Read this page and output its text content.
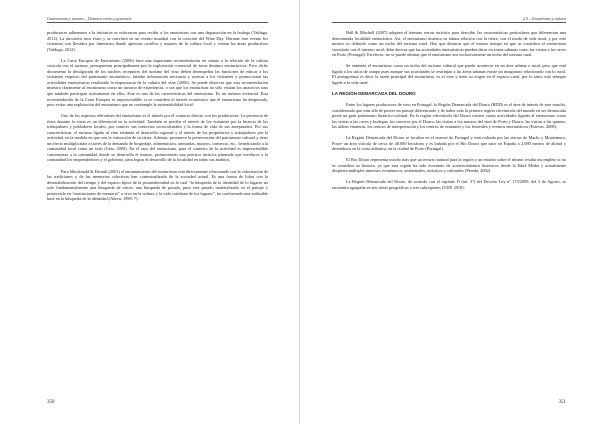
Gastronomía y turismo – Destinos rurais y gourmets

productores adherentes a la iniciativa se esforzaron para recibir a los enoturistas con una degustación en la bodega (Valduga, 2012). La iniciativa tuvo éxito y se convirtió en un evento mundial con la creación del Wine Day. Durante este evento los visitantes son llevados por itinerarios donde aprecian castillos y museos de la cultura local y visitan las áreas productivas (Valduga, 2012).

La Carta Europea de Enoturismo (2006) hace una importante recomendación en cuanto a la relación de la cultura vinícola con el turismo, presupuestas principalmente por la explotación comercial de áreas destinos enoturísticos. Pero dicho documento la divulgación de los núcleos receptores del turismo del vino deben desempeñar las funciones de educar a los visitantes respecto del patrimonio enoturístico, brindar información necesaria y acercar a los visitantes y promocionar las actividades enoturísticas resaltando la importancia de la cultura del vino (2006). Se puede observar que esta recomendación muestra claramente al enoturismo como un turismo de experiencia, o sea que los enoturistas no sólo visitan los atractivos sino que también participan activamente en ellos. Este es uno de las características del enoturismo. Es un turismo vivencial. Esta recomendación de la Carta Europea es imprescindible si se considera el interés económico que el enoturismo ha despertado, pero evitar una explotación del enoturismo que no contemple la sustentabilidad local.

Uno de los aspectos relevantes del enoturismo es el interés por el contacto directo con los productores. La presencia de éstos durante la visita es un diferencial en la actividad. También se percibe el interés de los visitantes por la historia de los trabajadores y pobladores locales, por conocer sus contextos socioculturales y la forma de vida de sus antepasados. Por sus características, el turismo ligado al vino estimula el desarrollo regional y el interés de los propietarios y trabajadores por la actividad, en la medida en que ven la valoración de su tierra. Además, promueve la preservación del patrimonio cultural y tiene un efecto multiplicador a través de la demanda de hospedaje, alimentación, artesanías, museos, comercio, etc., beneficiando a la comunidad local como un todo (Getz, 2000). En el caso del enoturismo, para el contexto de la actividad es imprescindible concientizar a la comunidad donde se desarrolla el mismo, promoviendo una práctica turística planeada que involucre a la comunidad los emprendedores y el gobierno, para lograr el desarrollo de la localidad en todas sus ámbitos.

Para Macdonald & Derault (2001) el encantamiento del enoturismo está directamente relacionado con la valorización de las tradiciones y de las memorias colectivas han contextualizado de la sociedad actual. Es una forma de lidiar con la desestabilización del tiempo y del espacio típica de la posmodernidad en la cual “la búsqueda de la identidad de lo lugares no solo fundamentalmente una búsqueda de raíces, una búsqueda de pasado, pues este pasado materializado en el paisaje y preservado en “instituciones de memoria” o vivo en la cultura y la vida cotidiana de los lugares”, ha conformado una atribuible base en la búsqueda de la identidad (Abreu, 1998: 7).

350
2.5 – Enoturismo y cultura

Hall & Mitchell (2007) adoptan el término terroir turístico para describir las características particulares que diferencian una determinada localidad enoturística. Así, el enoturismo muestra su íntima relación con la tierra, con el modo de vida rural, y por este motivo es definido como un nicho del turismo rural. Hay que destacar que el mismo tiempo en que se considera al enoturismo vinculado con el turismo rural, debe decirse que las actividades enoturísticas pueden darse en zonas urbanas como las visitas a las caves en Porto (Portugal). En efecto, no se puede afirmar que el enoturismo sea exclusivamente un nicho del turismo rural.

Se entiende el enoturismo como un nicho del turismo cultural que puede acontecer en un área urbana o rural, pero que está ligado a los sitios de campo pues aunque sus actividades se restrinjan a las áreas urbanas existe un imaginario relacionado con lo rural. El protagonista es decir la razón principal del enoturismo, es el vino y tiene su origen en el espacio rural, por lo tanto está siempre ligado a la vida rural.

LA REGIÓN DEMARCADA DEL DOURO

Entre los lugares productores de vino en Portugal, la Región Demarcada del Douro (RDD) es el área de interés de este estudio, considerando que más allá de poseer un paisaje diferenciado y de haber sido la primera región vitivinícola del mundo en ser demarcada posee un gran patrimonio histórico-cultural. En la región vitivinícola del Douro existen varias actividades ligadas al enoturismo como las visitas a las caves y bodegas; los cruceros por el Douro; las visitas a los museos del vino de Porto y Douro; las visitas a las quintas, las aldeas vinateras, los centros de interpretación y los centros de visitantes y los festivales y eventos enoturísticos (Estevas, 2008).

La Región Demarcada del Douro se localiza en el noreste de Portugal y está rodeada por las sierras de Marão y Montemuro. Posee un área vitícola de cerca de 40.000 hectáreas y es bañada por el Río Douro que nace en España a 2.080 metros de altitud y desemboca en la costa atlántica, en la ciudad de Porto (Portugal).

El Río Douro representa mucho más que un recurso natural para la región y un estudio sobre el mismo resulta incompleto si no se considera su historia, ya que esta región ha sido escenario de acontecimientos históricos desde la Edad Media y actualmente despierta múltiples intereses económicos, ambientales, turísticos y culturales (Pereda, 2002).

La Región Demarcada del Douro, de acuerdo con el capítulo II (art. 3º) del Decreto Ley nº 173/2009, del 3 de Agosto, se encuentra agrupada en tres áreas geográficas o tres subregiones (VDP, 2010):

351
